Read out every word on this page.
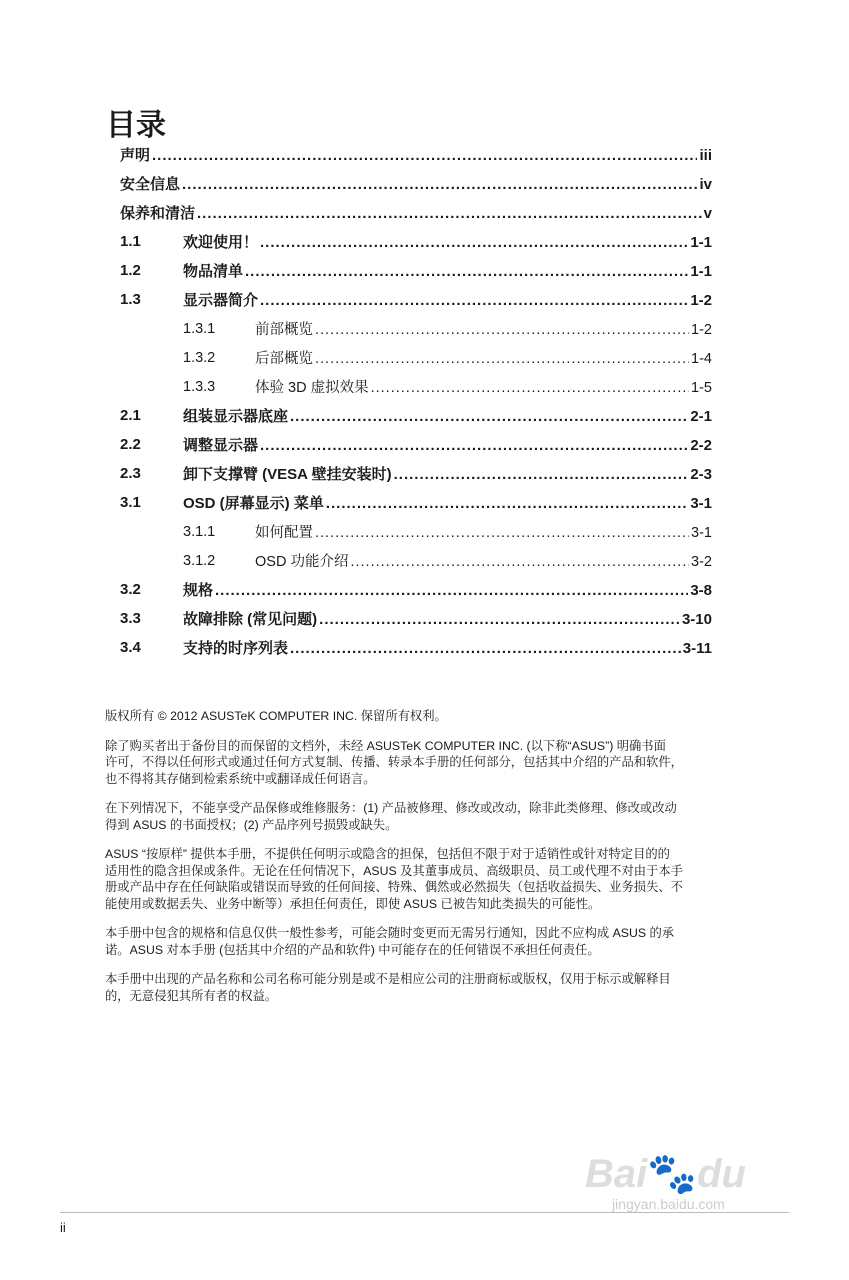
目录
声明 .....	iii
安全信息 .....	iv
保养和清洁 .....	v
1.1	欢迎使用！ .....	1-1
1.2	物品清单 .....	1-1
1.3	显示器简介 .....	1-2
1.3.1	前部概览 .....	1-2
1.3.2	后部概览 .....	1-4
1.3.3	体验 3D 虚拟效果 .....	1-5
2.1	组装显示器底座 .....	2-1
2.2	调整显示器 .....	2-2
2.3	卸下支撑臂 (VESA 壁挂安装时) .....	2-3
3.1	OSD (屏幕显示) 菜单 .....	3-1
3.1.1	如何配置 .....	3-1
3.1.2	OSD 功能介绍 .....	3-2
3.2	规格 .....	3-8
3.3	故障排除 (常见问题) .....	3-10
3.4	支持的时序列表 .....	3-11

版权所有 © 2012 ASUSTeK COMPUTER INC. 保留所有权利。

除了购买者出于备份目的而保留的文档外，未经 ASUSTeK COMPUTER INC. (以下称“ASUS”) 明确书面
许可，不得以任何形式或通过任何方式复制、传播、转录本手册的任何部分，包括其中介绍的产品和软件，
也不得将其存储到检索系统中或翻译成任何语言。

在下列情况下，不能享受产品保修或维修服务：(1) 产品被修理、修改或改动，除非此类修理、修改或改动
得到 ASUS 的书面授权；(2) 产品序列号损毁或缺失。

ASUS “按原样” 提供本手册，不提供任何明示或隐含的担保，包括但不限于对于适销性或针对特定目的的
适用性的隐含担保或条件。无论在任何情况下，ASUS 及其董事成员、高级职员、员工或代理不对由于本手
册或产品中存在任何缺陷或错误而导致的任何间接、特殊、偶然或必然损失（包括收益损失、业务损失、不
能使用或数据丢失、业务中断等）承担任何责任，即使 ASUS 已被告知此类损失的可能性。

本手册中包含的规格和信息仅供一般性参考，可能会随时变更而无需另行通知，因此不应构成 ASUS 的承
诺。ASUS 对本手册 (包括其中介绍的产品和软件) 中可能存在的任何错误不承担任何责任。

本手册中出现的产品名称和公司名称可能分别是或不是相应公司的注册商标或版权，仅用于标示或解释目
的，无意侵犯其所有者的权益。

Bai🐾du
jingyan.baidu.com
ii
